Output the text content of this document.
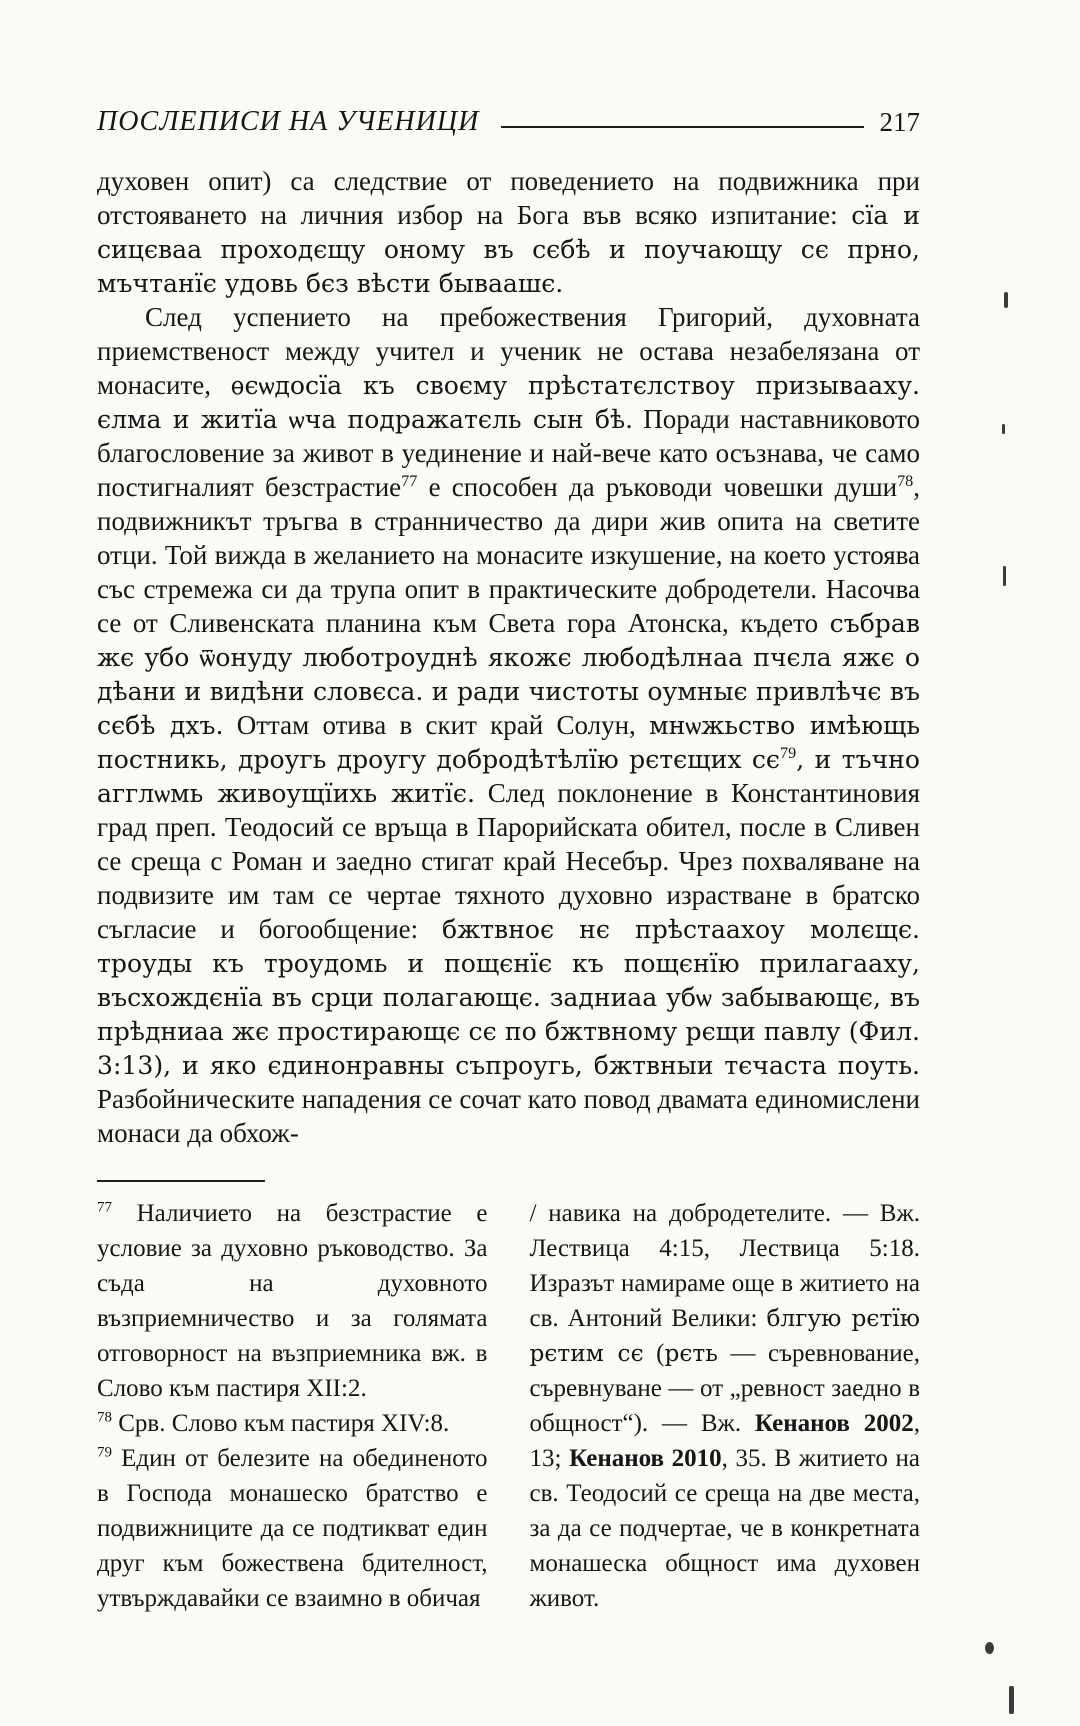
ПОСЛЕПИСИ НА УЧЕНИЦИ	217

духовен опит) са следствие от поведението на подвижника при отстояването на личния избор на Бога във всяко изпитание: сїа и сицєваа проходєщу оному въ сєбѣ и поучающу сє прно, мъчтанїє удовь бєз вѣсти бываашє.

След успението на пребожествения Григорий, духовната приемственост между учител и ученик не остава незабелязана от монасите, ѳєѡдосїа къ своєму прѣстатєлствоу призывааху. єлма и житїа ѡча подражатєль сын бѣ. Поради наставниковото благословение за живот в уединение и най-вече като осъзнава, че само постигналият безстрастие$^{77}$ е способен да ръководи човешки души$^{78}$, подвижникът тръгва в странничество да дири жив опита на светите отци. Той вижда в желанието на монасите изкушение, на което устоява със стремежа си да трупа опит в практическите добродетели. Насочва се от Сливенската планина към Света гора Атонска, където събрав жє убо ѿонуду люботроуднѣ якожє любодѣлнаа пчєла яжє о дѣани и видѣни словєса. и ради чистоты оумныє привлѣчє въ сєбѣ дхъ. Оттам отива в скит край Солун, мнѡжьство имѣющь постникь, дроугь дроугу добродѣтѣлїю рєтєщих $сє^{79}$, и тъчно агглѡмь живоущїихь житїє. След поклонение в Константиновия град преп. Теодосий се връща в Парорийската обител, после в Сливен се среща с Роман и заедно стигат край Несебър. Чрез похваляване на подвизите им там се чертае тяхното духовно израстване в братско съгласие и богообщение: бжтвноє нє прѣстаахоу молєщє. троуды къ троудомь и пощєнїє къ пощєнїю прилагааху, въсхождєнїа въ срци полагающє. задниаа убѡ забывающє, въ прѣдниаа жє простирающє сє по бжтвному рєщи павлу (Фил. 3:13), и яко єдинонравны съпроугь, бжтвныи тєчаста поуть. Разбойническите нападения се сочат като повод двамата единомислени монаси да обхож-

$^{77}$ Наличието на безстрастие е условие за духовно ръководство. За съда на духовното възприемничество и за голямата отговорност на възприемника вж. в Слово към пастиря XII:2.

$^{78}$ Срв. Слово към пастиря XIV:8.

$^{79}$ Един от белезите на обединеното в Господа монашеско братство е подвижниците да се подтикват един друг към божествена бдителност, утвърждавайки се взаимно в обичая

/ навика на добродетелите. — Вж. Лествица 4:15, Лествица 5:18. Изразът намираме още в житието на св. Антоний Велики: блгую рєтїю рєтим сє (рєть — съревнование, съревнуване — от „ревност заедно в общност“). — Вж. Кенанов 2002, 13; Кенанов 2010, 35. В житието на св. Теодосий се среща на две места, за да се подчертае, че в конкретната монашеска общност има духовен живот.
